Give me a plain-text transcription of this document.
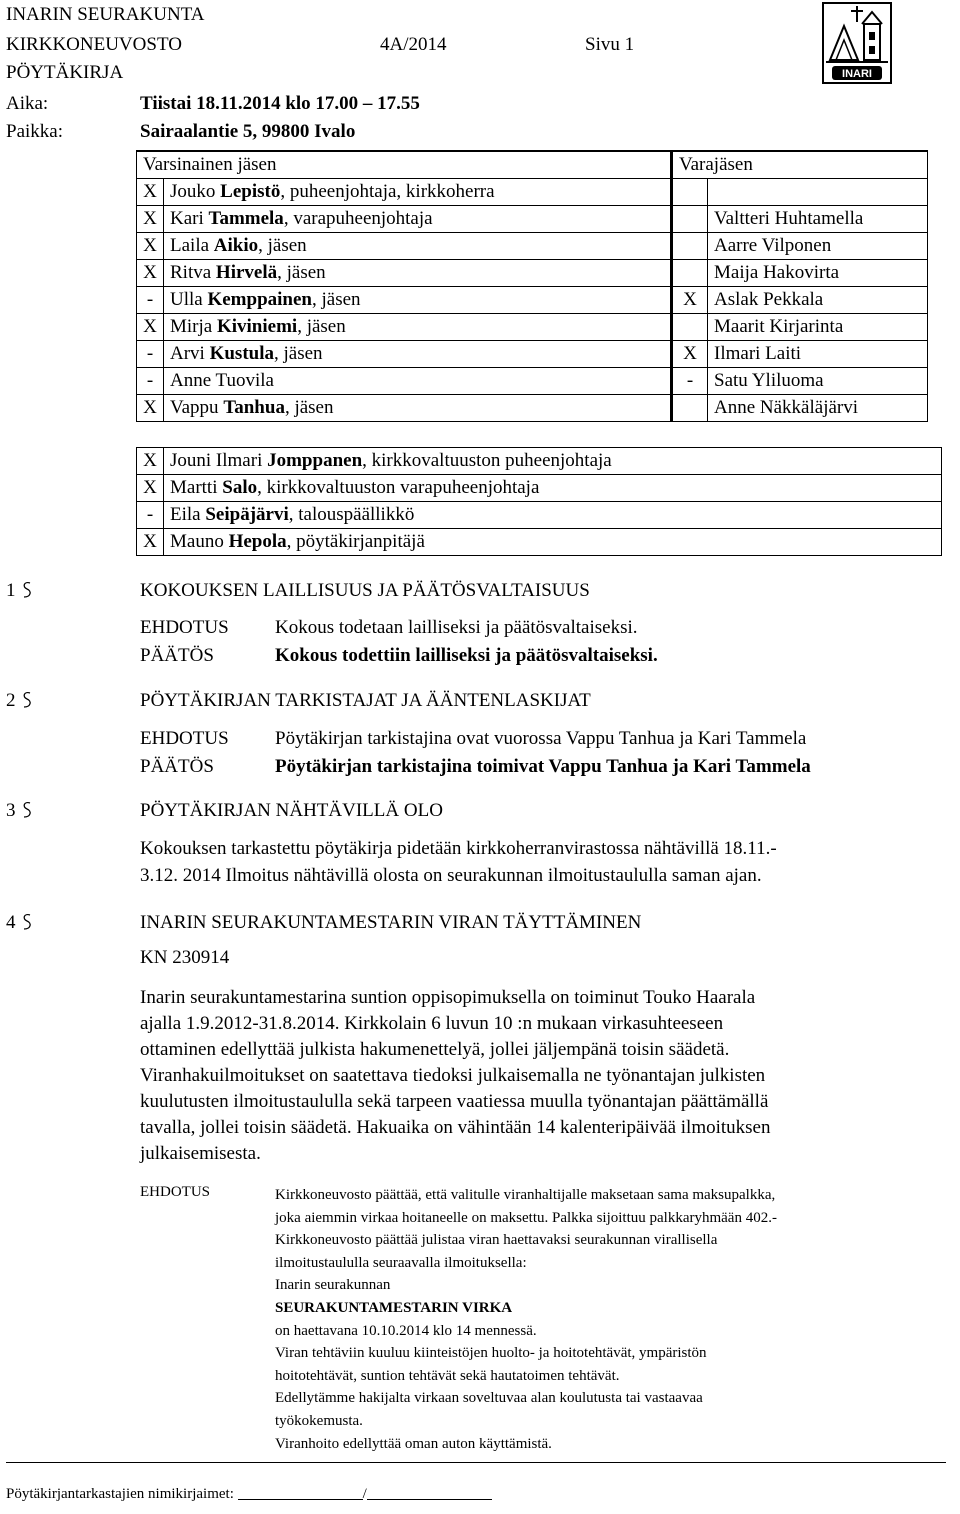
INARIN SEURAKUNTA
KIRKKONEUVOSTO	4A/2014	Sivu 1
PÖYTÄKIRJA	INARI
Aika:	Tiistai 18.11.2014 klo 17.00 – 17.55
Paikka:	Sairaalantie 5, 99800 Ivalo
Varsinainen jäsen		Varajäsen	
X	Jouko Lepistö, puheenjohtaja, kirkkoherra		
X	Kari Tammela, varapuheenjohtaja		Valtteri Huhtamella
X	Laila Aikio, jäsen		Aarre Vilponen
X	Ritva Hirvelä, jäsen		Maija Hakovirta
-	Ulla Kemppainen, jäsen	X	Aslak Pekkala
X	Mirja Kiviniemi, jäsen		Maarit Kirjarinta
-	Arvi Kustula, jäsen	X	Ilmari Laiti
-	Anne Tuovila	-	Satu Yliluoma
X	Vappu Tanhua, jäsen		Anne Näkkäläjärvi
X	Jouni Ilmari Jomppanen, kirkkovaltuuston puheenjohtaja
X	Martti Salo, kirkkovaltuuston varapuheenjohtaja
-	Eila Seipäjärvi, talouspäällikkö
X	Mauno Hepola, pöytäkirjanpitäjä
1	KOKOUKSEN LAILLISUUS JA PÄÄTÖSVALTAISUUS
EHDOTUS Kokous todetaan lailliseksi ja päätösvaltaiseksi.
PÄÄTÖS	Kokous todettiin lailliseksi ja päätösvaltaiseksi.
2	PÖYTÄKIRJAN TARKISTAJAT JA ÄÄNTENLASKIJAT
EHDOTUS Pöytäkirjan tarkistajina ovat vuorossa Vappu Tanhua ja Kari Tammela
PÄÄTÖS	Pöytäkirjan tarkistajina toimivat Vappu Tanhua ja Kari Tammela
3	PÖYTÄKIRJAN NÄHTÄVILLÄ OLO
Kokouksen tarkastettu pöytäkirja pidetään kirkkoherranvirastossa nähtävillä 18.11.-
3.12. 2014 Ilmoitus nähtävillä olosta on seurakunnan ilmoitustaululla saman ajan.
4	INARIN SEURAKUNTAMESTARIN VIRAN TÄYTTÄMINEN
KN 230914
Inarin seurakuntamestarina suntion oppisopimuksella on toiminut Touko Haarala
ajalla 1.9.2012-31.8.2014. Kirkkolain 6 luvun 10 :n mukaan virkasuhteeseen
ottaminen edellyttää julkista hakumenettelyä, jollei jäljempänä toisin säädetä.
Viranhakuilmoitukset on saatettava tiedoksi julkaisemalla ne työnantajan julkisten
kuulutusten ilmoitustaululla sekä tarpeen vaatiessa muulla työnantajan päättämällä
tavalla, jollei toisin säädetä. Hakuaika on vähintään 14 kalenteripäivää ilmoituksen
julkaisemisesta.
EHDOTUS	Kirkkoneuvosto päättää, että valitulle viranhaltijalle maksetaan sama maksupalkka,
joka aiemmin virkaa hoitaneelle on maksettu. Palkka sijoittuu palkkaryhmään 402.-
Kirkkoneuvosto päättää julistaa viran haettavaksi seurakunnan virallisella
ilmoitustaululla seuraavalla ilmoituksella:
Inarin seurakunnan
SEURAKUNTAMESTARIN VIRKA
on haettavana 10.10.2014 klo 14 mennessä.
Viran tehtäviin kuuluu kiinteistöjen huolto- ja hoitotehtävät, ympäristön
hoitotehtävät, suntion tehtävät sekä hautatoimen tehtävät.
Edellytämme hakijalta virkaan soveltuvaa alan koulutusta tai vastaavaa
työkokemusta.
Viranhoito edellyttää oman auton käyttämistä.
Pöytäkirjantarkastajien nimikirjaimet:	/
